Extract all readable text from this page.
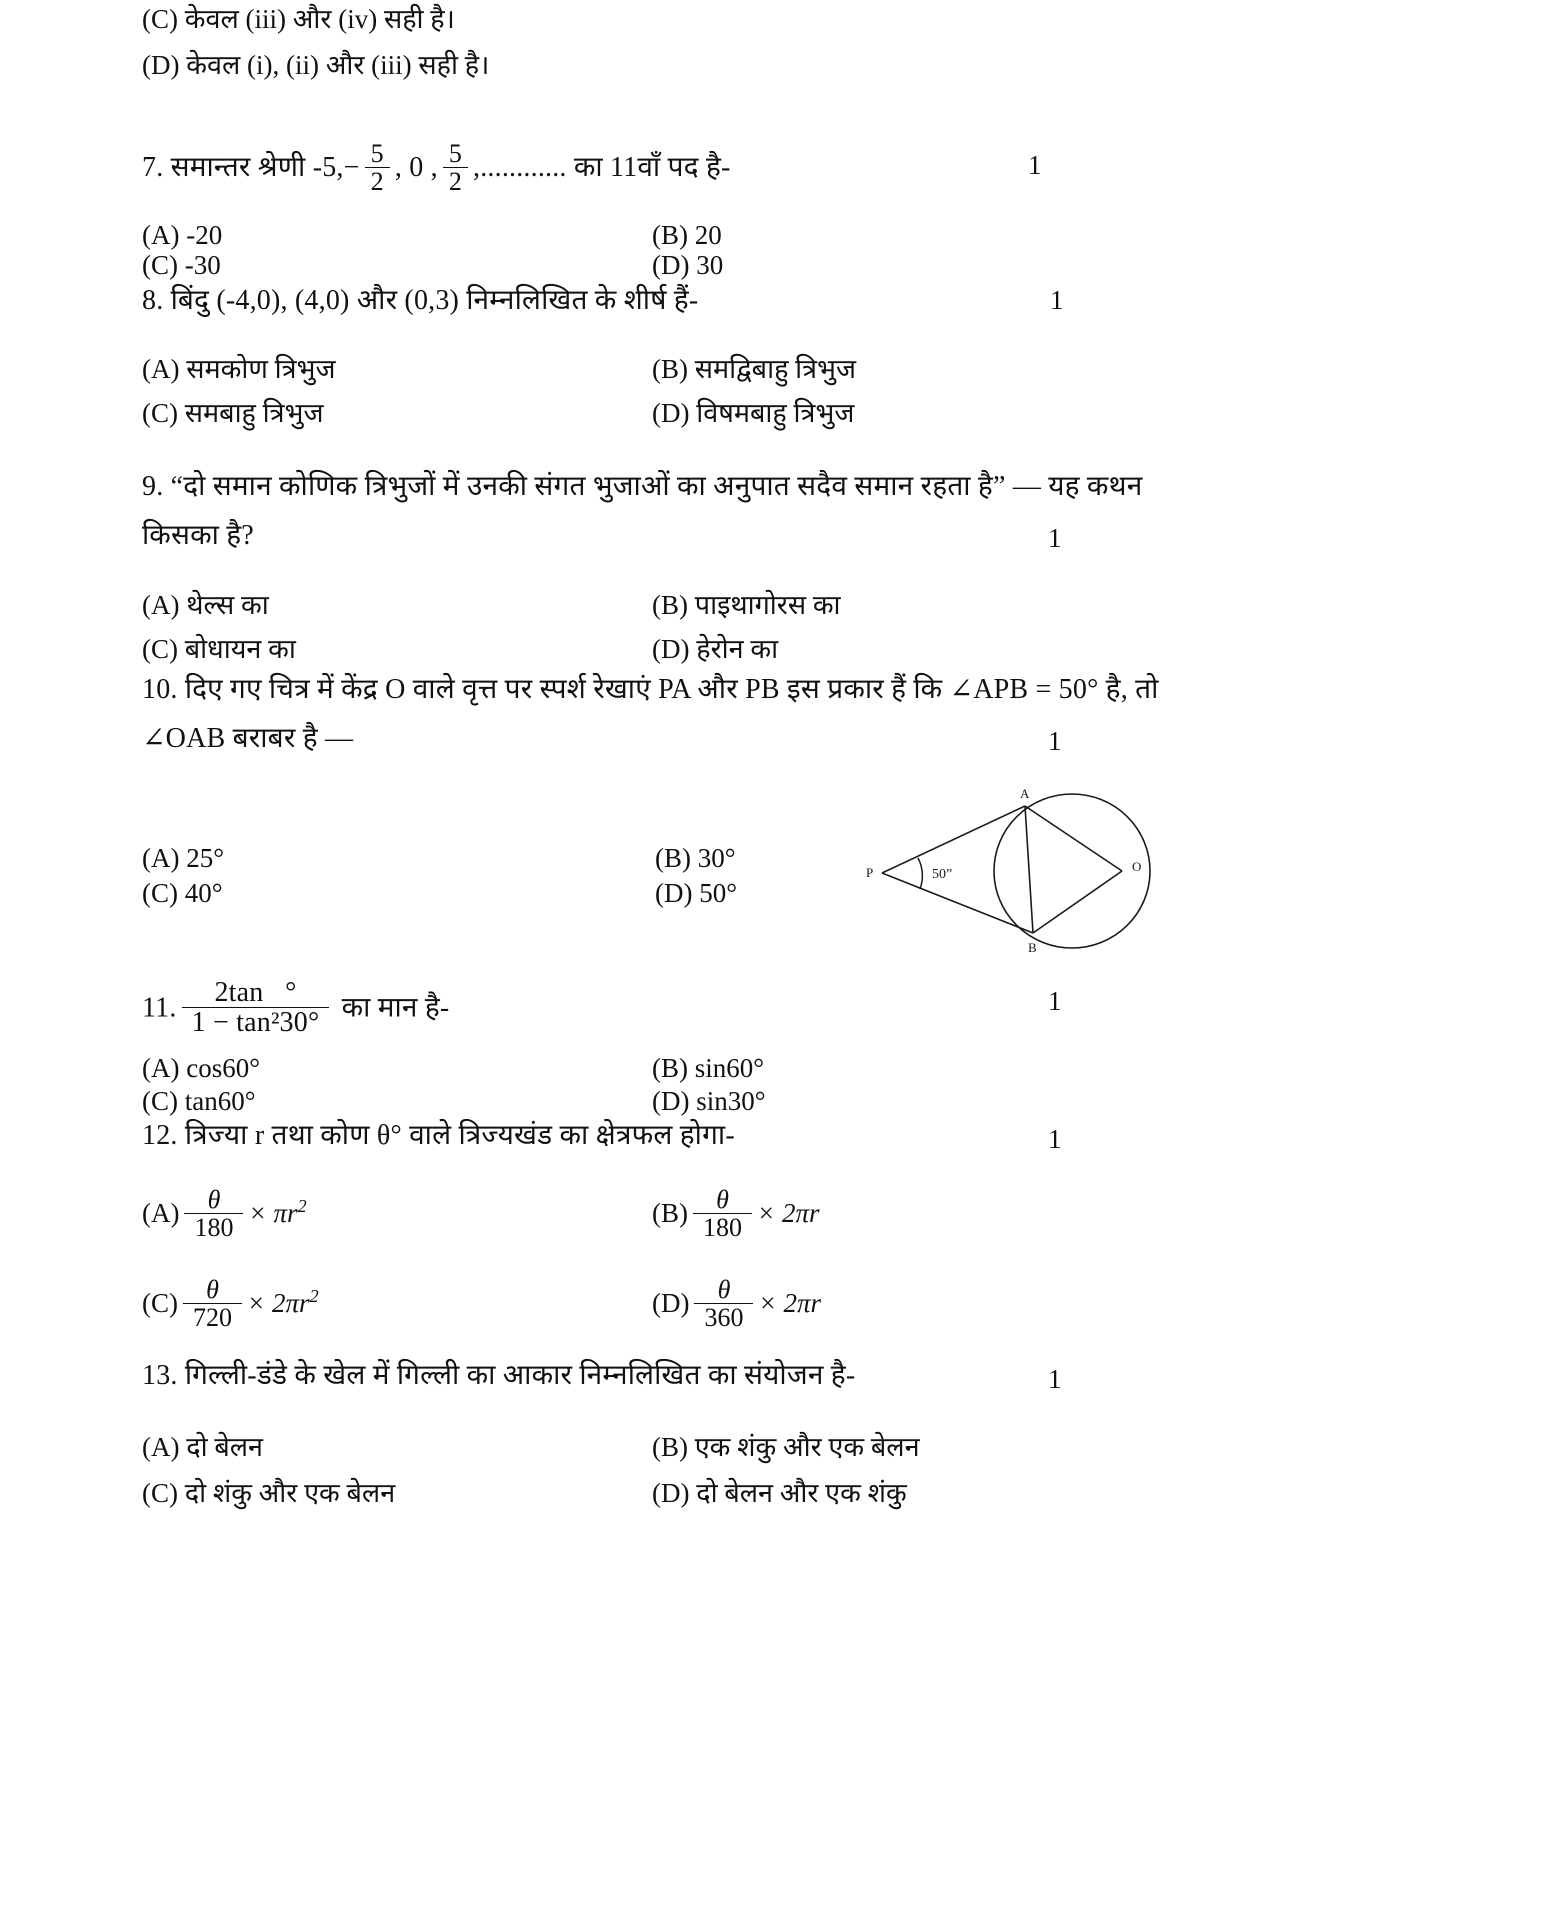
(C) केवल (iii) और (iv) सही है।
(D) केवल (i), (ii) और (iii) सही है।
7. समान्तर श्रेणी $-5,- \frac{5}{2}$ , 0 , $\frac{5}{2}$ ,............ का 11वाँ पद है-	1
(A) -20	(B) 20
(C) -30	(D) 30
8. बिंदु (-4,0), (4,0) और (0,3) निम्नलिखित के शीर्ष हैं-	1
(A) समकोण त्रिभुज	(B) समद्विबाहु त्रिभुज
(C) समबाहु त्रिभुज	(D) विषमबाहु त्रिभुज
9. “दो समान कोणिक त्रिभुजों में उनकी संगत भुजाओं का अनुपात सदैव समान रहता है” — यह कथन
किसका है?	1
(A) थेल्स का	(B) पाइथागोरस का
(C) बोधायन का	(D) हेरोन का
10. दिए गए चित्र में केंद्र O वाले वृत्त पर स्पर्श रेखाएं PA और PB इस प्रकार हैं कि ∠APB = 50° है, तो
∠OAB बराबर है —	1
A
B
O
P	50”
(A) 25°	(B) 30°
(C) 40°	(D) 50°
11. $\frac{2\tan ^\circ}{\text{1 − tan²30°}}$ का मान है-	1
(A) cos60°	(B) sin60°
(C) tan60°	(D) sin30°
12. त्रिज्या r तथा कोण θ° वाले त्रिज्यखंड का क्षेत्रफल होगा-	1
$(A) \frac{\theta}{180} \times \pi r^2$	$(B) \frac{\theta}{180} \times 2\pi r$
$(C) \frac{\theta}{720} \times 2\pi r^2$	$(D) \frac{\theta}{360} \times 2\pi r$
13. गिल्ली-डंडे के खेल में गिल्ली का आकार निम्नलिखित का संयोजन है-	1
(A) दो बेलन	(B) एक शंकु और एक बेलन
(C) दो शंकु और एक बेलन	(D) दो बेलन और एक शंकु
